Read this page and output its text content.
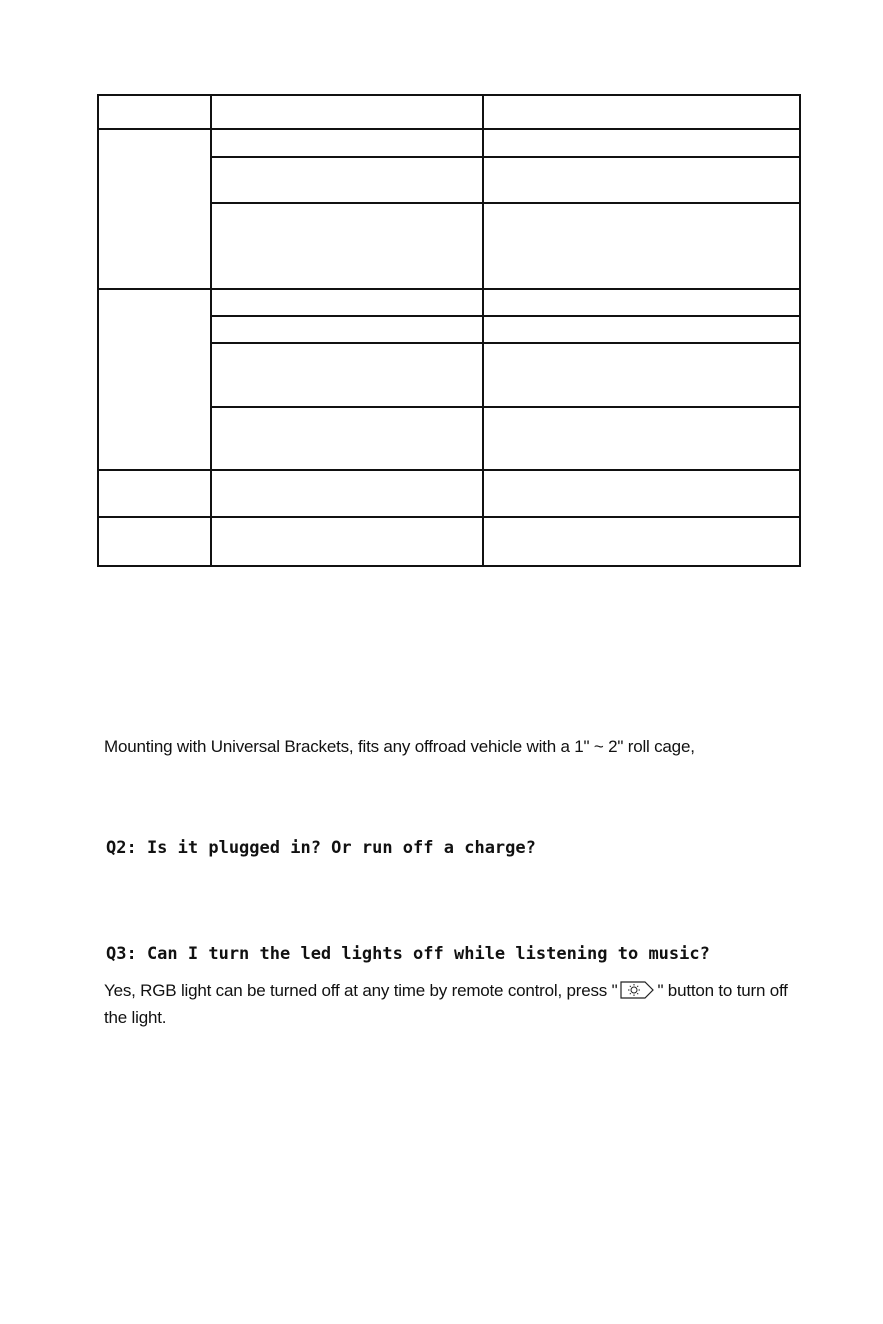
Mounting with Universal Brackets, fits any offroad vehicle with a 1" ~ 2" roll cage,

Q2: Is it plugged in? Or run off a charge?

Q3: Can I turn the led lights off while listening to music?

Yes, RGB light can be turned off at any time by remote control, press " " button to turn off the light.
